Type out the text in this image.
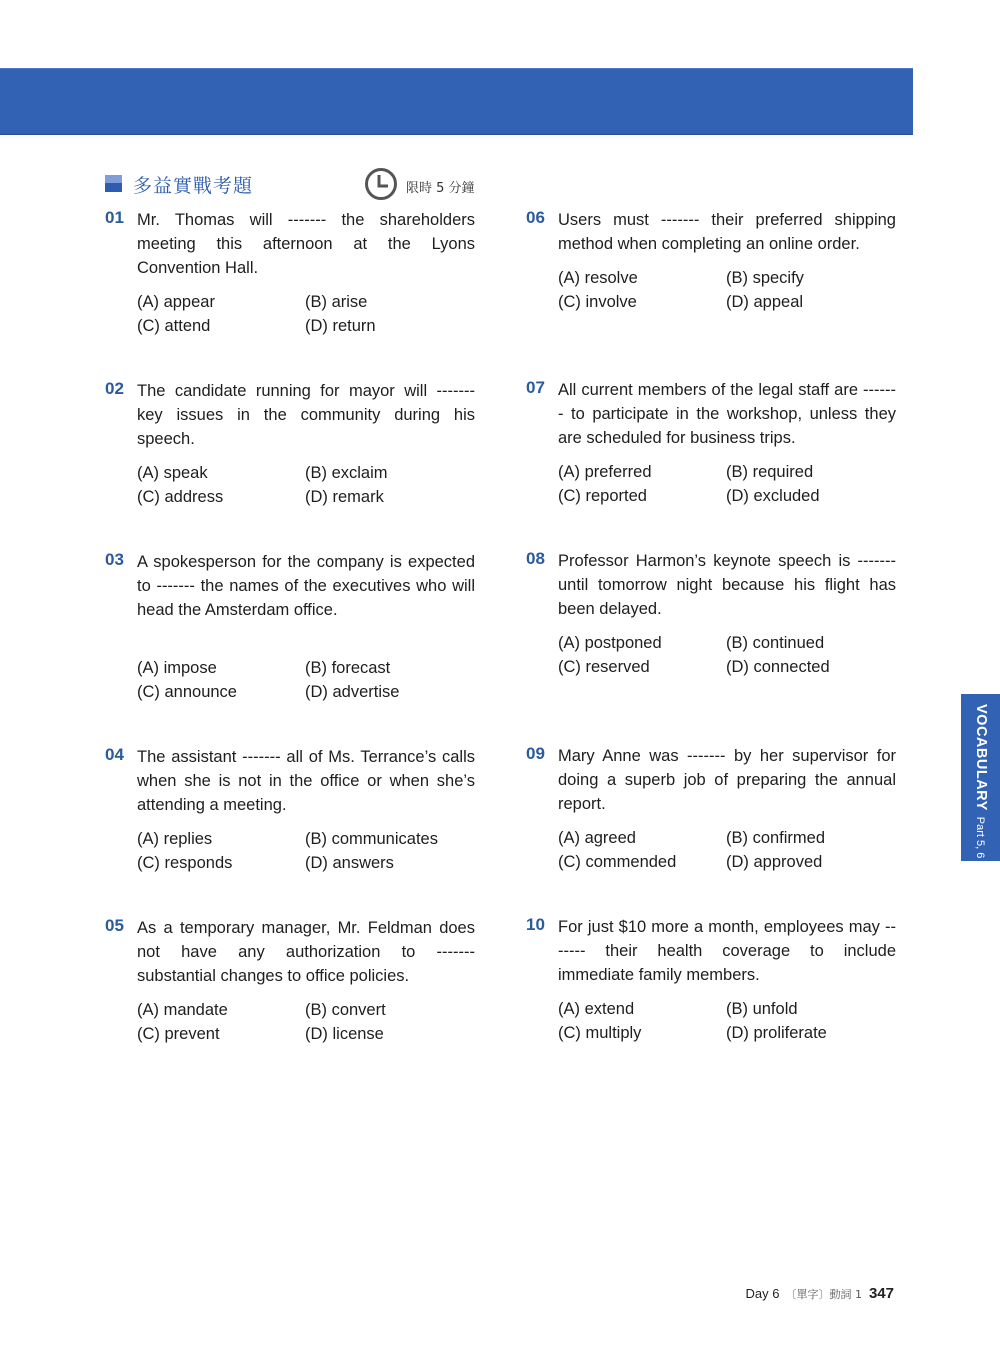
多益實戰考題	限時 5 分鐘
01 Mr. Thomas will ------- the shareholders meeting this afternoon at the Lyons Convention Hall.
(A) appear	(B) arise
(C) attend	(D) return
02 The candidate running for mayor will ------- key issues in the community during his speech.
(A) speak	(B) exclaim
(C) address	(D) remark
03 A spokesperson for the company is expected to ------- the names of the executives who will head the Amsterdam office.
(A) impose	(B) forecast
(C) announce	(D) advertise
04 The assistant ------- all of Ms. Terrance’s calls when she is not in the office or when she’s attending a meeting.
(A) replies	(B) communicates
(C) responds	(D) answers
05 As a temporary manager, Mr. Feldman does not have any authorization to ------- substantial changes to office policies.
(A) mandate	(B) convert
(C) prevent	(D) license
06 Users must ------- their preferred shipping method when completing an online order.
(A) resolve	(B) specify
(C) involve	(D) appeal
07 All current members of the legal staff are ------- to participate in the workshop, unless they are scheduled for business trips.
(A) preferred	(B) required
(C) reported	(D) excluded
08 Professor Harmon’s keynote speech is ------- until tomorrow night because his flight has been delayed.
(A) postponed	(B) continued
(C) reserved	(D) connected
09 Mary Anne was ------- by her supervisor for doing a superb job of preparing the annual report.
(A) agreed	(B) confirmed
(C) commended	(D) approved
10 For just $10 more a month, employees may ------- their health coverage to include immediate family members.
(A) extend	(B) unfold
(C) multiply	(D) proliferate
VOCABULARYPart 5, 6
Day 6 〔單字〕動詞 1 347
